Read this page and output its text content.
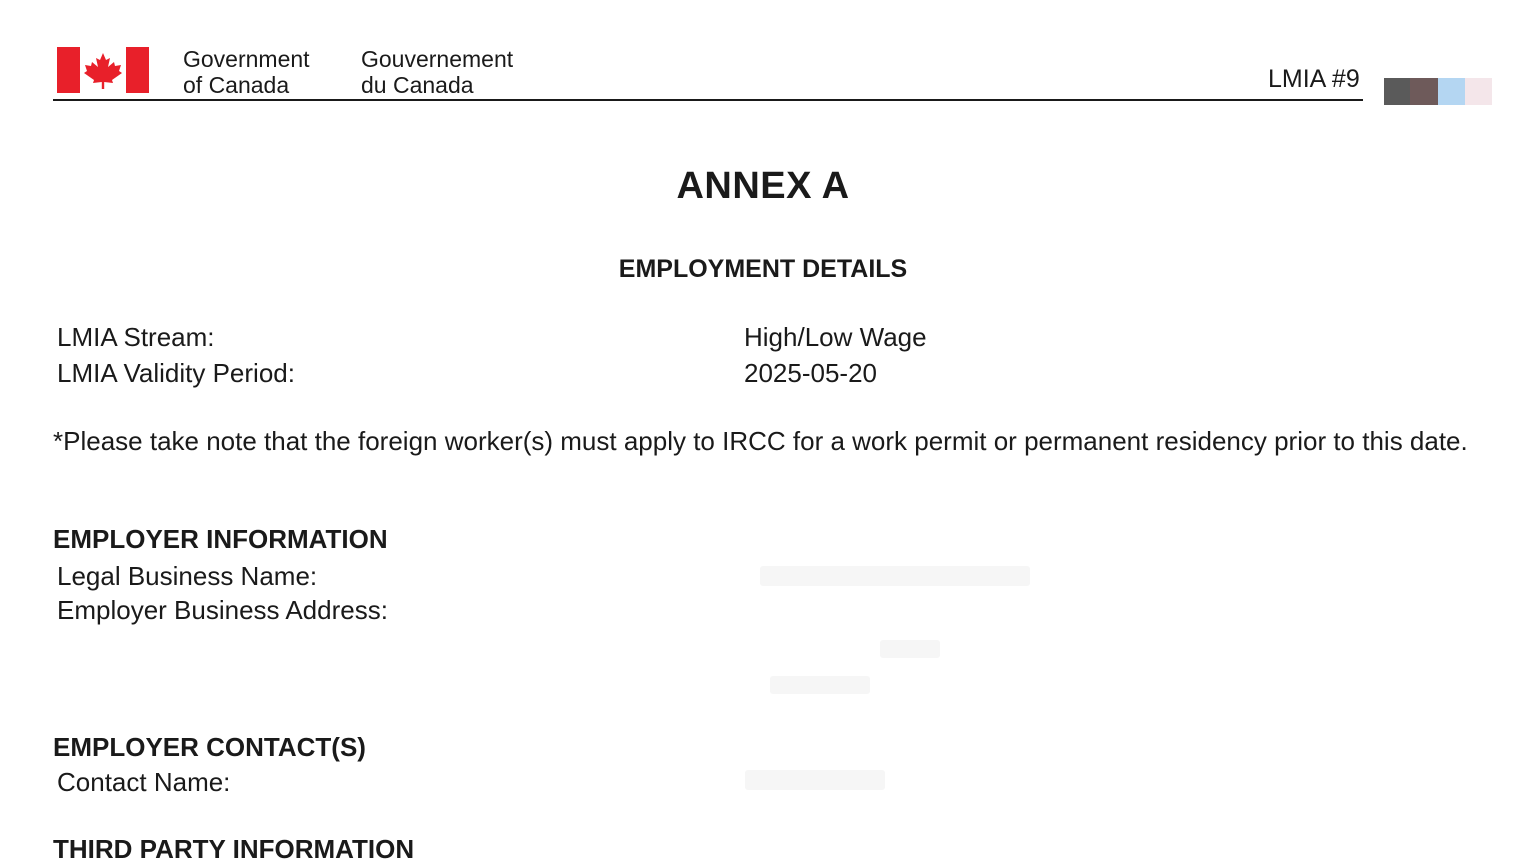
Government
of Canada
Gouvernement
du Canada	LMIA #9
ANNEX A
EMPLOYMENT DETAILS
LMIA Stream:	High/Low Wage
LMIA Validity Period:	2025-05-20
*Please take note that the foreign worker(s) must apply to IRCC for a work permit or permanent residency prior to this date.
EMPLOYER INFORMATION
Legal Business Name:
Employer Business Address:
EMPLOYER CONTACT(S)
Contact Name:
THIRD PARTY INFORMATION
